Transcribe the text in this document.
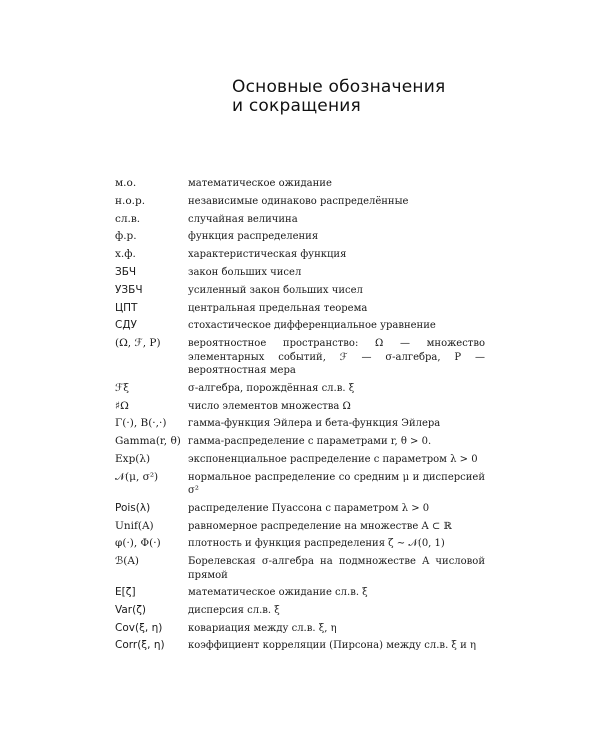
Основные обозначения
и сокращения
м.о.	математическое ожидание
н.о.р.	независимые одинаково распределённые
сл.в.	случайная величина
ф.р.	функция распределения
х.ф.	характеристическая функция
ЗБЧ	закон больших чисел
УЗБЧ	усиленный закон больших чисел
ЦПТ	центральная предельная теорема
СДУ	стохастическое дифференциальное уравнение
(Ω, ℱ, P)	вероятностное пространство: Ω — множество элементарных событий, ℱ — σ-алгебра, P — вероятностная мера
ℱξ	σ-алгебра, порождённая сл.в. ξ
♯Ω	число элементов множества Ω
Γ(·), B(·,·)	гамма-функция Эйлера и бета-функция Эйлера
Gamma(r, θ) гамма-распределение с параметрами r, θ > 0.
Exp(λ)	экспоненциальное распределение с параметром λ > 0
𝒩(μ, σ²)	нормальное распределение со средним μ и дисперсией σ²
Pois(λ)	распределение Пуассона с параметром λ > 0
Unif(A)	равномерное распределение на множестве A ⊂ ℝ
φ(·), Φ(·)	плотность и функция распределения ζ ∼ 𝒩(0, 1)
ℬ(A)	Борелевская σ-алгебра на подмножестве A числовой прямой
E[ζ]	математическое ожидание сл.в. ξ
Var(ζ)	дисперсия сл.в. ξ
Cov(ξ, η)	ковариация между сл.в. ξ, η
Corr(ξ, η)	коэффициент корреляции (Пирсона) между сл.в. ξ и η
